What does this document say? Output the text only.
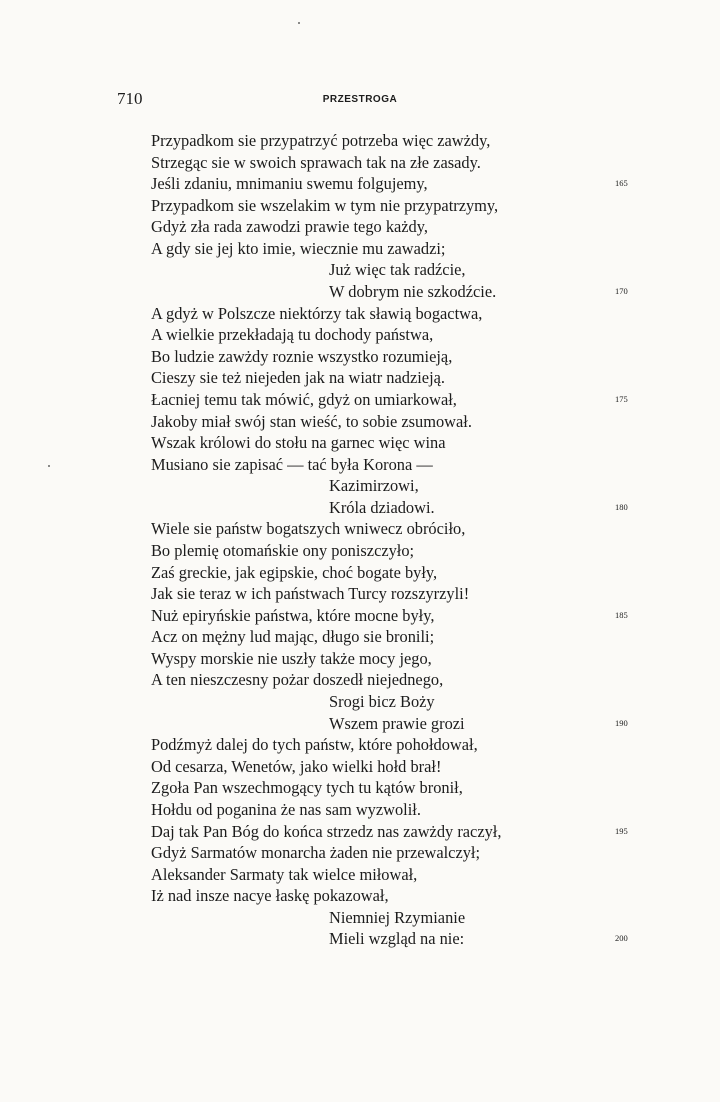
710	PRZESTROGA
Przypadkom sie przypatrzyć potrzeba więc zawżdy,
Strzegąc sie w swoich sprawach tak na złe zasady.
Jeśli zdaniu, mnimaniu swemu folgujemy,	165
Przypadkom sie wszelakim w tym nie przypatrzymy,
Gdyż zła rada zawodzi prawie tego każdy,
A gdy sie jej kto imie, wiecznie mu zawadzi;
Już więc tak radźcie,
W dobrym nie szkodźcie.	170
A gdyż w Polszcze niektórzy tak sławią bogactwa,
A wielkie przekładają tu dochody państwa,
Bo ludzie zawżdy roznie wszystko rozumieją,
Cieszy sie też niejeden jak na wiatr nadzieją.
Łacniej temu tak mówić, gdyż on umiarkował,	175
Jakoby miał swój stan wieść, to sobie zsumował.
Wszak królowi do stołu na garnec więc wina
Musiano sie zapisać — tać była Korona —
Kazimirzowi,
Króla dziadowi.	180
Wiele sie państw bogatszych wniwecz obróciło,
Bo plemię otomańskie ony poniszczyło;
Zaś greckie, jak egipskie, choć bogate były,
Jak sie teraz w ich państwach Turcy rozszyrzyli!
Nuż epiryńskie państwa, które mocne były,	185
Acz on mężny lud mając, długo sie bronili;
Wyspy morskie nie uszły także mocy jego,
A ten nieszczesny pożar doszedł niejednego,
Srogi bicz Boży
Wszem prawie grozi	190
Podźmyż dalej do tych państw, które pohołdował,
Od cesarza, Wenetów, jako wielki hołd brał!
Zgoła Pan wszechmogący tych tu kątów bronił,
Hołdu od poganina że nas sam wyzwolił.
Daj tak Pan Bóg do końca strzedz nas zawżdy raczył,	195
Gdyż Sarmatów monarcha żaden nie przewalczył;
Aleksander Sarmaty tak wielce miłował,
Iż nad insze nacye łaskę pokazował,
Niemniej Rzymianie
Mieli wzgląd na nie:	200
